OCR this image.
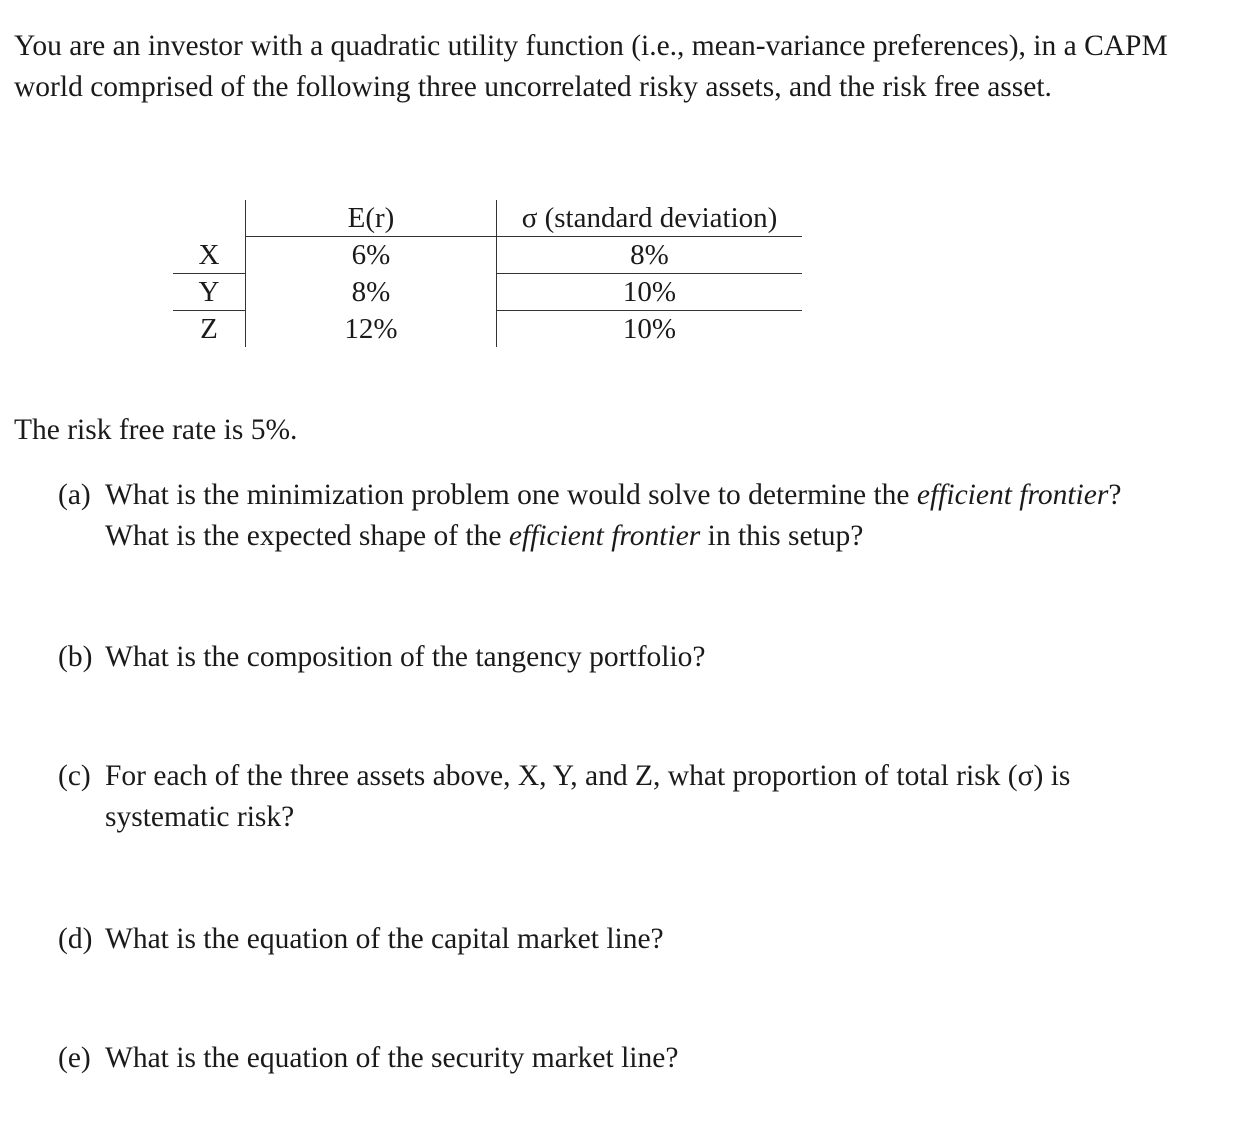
You are an investor with a quadratic utility function (i.e., mean-variance preferences), in a CAPM

world comprised of the following three uncorrelated risky assets, and the risk free asset.

	E(r)	σ (standard deviation)
X	6%	8%
Y	8%	10%
Z	12%	10%

The risk free rate is 5%.

(a) What is the minimization problem one would solve to determine the efficient frontier?
What is the expected shape of the efficient frontier in this setup?

(b) What is the composition of the tangency portfolio?

(c) For each of the three assets above, X, Y, and Z, what proportion of total risk (σ) is
systematic risk?

(d) What is the equation of the capital market line?

(e) What is the equation of the security market line?
